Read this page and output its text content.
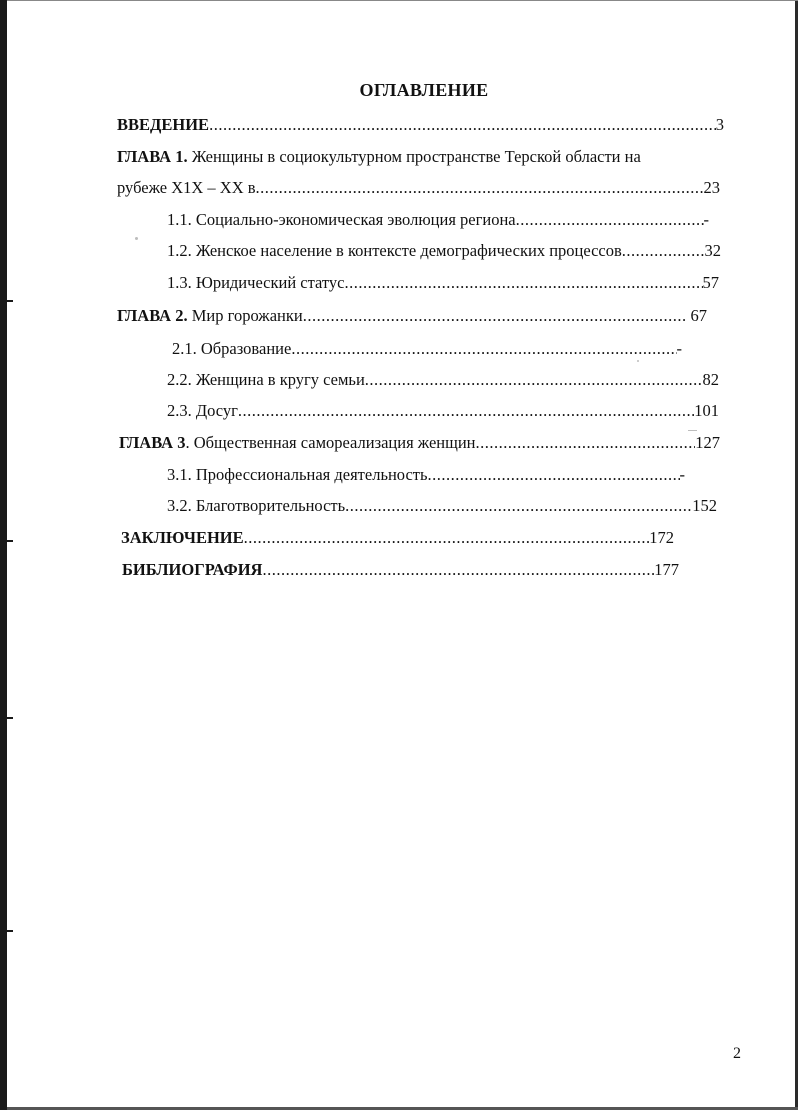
ОГЛАВЛЕНИЕ
ВВЕДЕНИЕ .....	3
ГЛАВА 1. Женщины в социокультурном пространстве Терской области на
рубеже Х1Х – ХХ в .....	23
1.1. Социально-экономическая эволюция региона .....	-
1.2. Женское население в контексте демографических процессов .....	32
1.3. Юридический статус .....	57
ГЛАВА 2. Мир горожанки .....	67
2.1. Образование .....	-
2.2. Женщина в кругу семьи .....	82
2.3. Досуг .....	101
ГЛАВА 3 . Общественная самореализация женщин .....	127
3.1. Профессиональная деятельность .....	-
3.2. Благотворительность .....	152
ЗАКЛЮЧЕНИЕ .....	172
БИБЛИОГРАФИЯ .....	177
2
